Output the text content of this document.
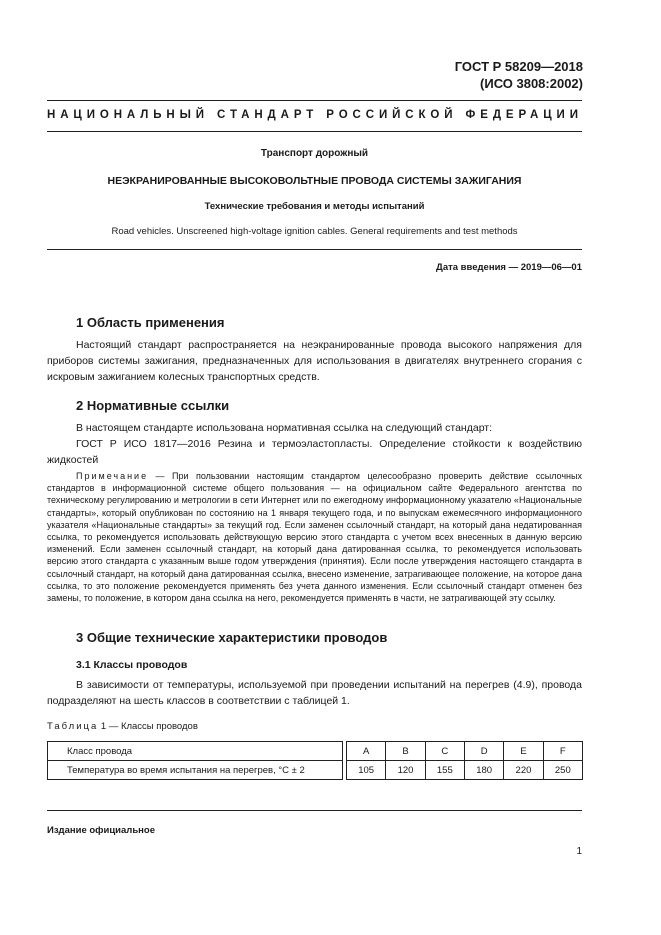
ГОСТ Р 58209—2018
(ИСО 3808:2002)
НАЦИОНАЛЬНЫЙ СТАНДАРТ РОССИЙСКОЙ ФЕДЕРАЦИИ
Транспорт дорожный
НЕЭКРАНИРОВАННЫЕ ВЫСОКОВОЛЬТНЫЕ ПРОВОДА СИСТЕМЫ ЗАЖИГАНИЯ
Технические требования и методы испытаний
Road vehicles. Unscreened high-voltage ignition cables. General requirements and test methods
Дата введения — 2019—06—01
1 Область применения
Настоящий стандарт распространяется на неэкранированные провода высокого напряжения для приборов системы зажигания, предназначенных для использования в двигателях внутреннего сгорания с искровым зажиганием колесных транспортных средств.
2 Нормативные ссылки
В настоящем стандарте использована нормативная ссылка на следующий стандарт:
ГОСТ Р ИСО 1817—2016 Резина и термоэластопласты. Определение стойкости к воздействию жидкостей
Примечание — При пользовании настоящим стандартом целесообразно проверить действие ссылочных стандартов в информационной системе общего пользования — на официальном сайте Федерального агентства по техническому регулированию и метрологии в сети Интернет или по ежегодному информационному указателю «Национальные стандарты», который опубликован по состоянию на 1 января текущего года, и по выпускам ежемесячного информационного указателя «Национальные стандарты» за текущий год. Если заменен ссылочный стандарт, на который дана недатированная ссылка, то рекомендуется использовать действующую версию этого стандарта с учетом всех внесенных в данную версию изменений. Если заменен ссылочный стандарт, на который дана датированная ссылка, то рекомендуется использовать версию этого стандарта с указанным выше годом утверждения (принятия). Если после утверждения настоящего стандарта в ссылочный стандарт, на который дана датированная ссылка, внесено изменение, затрагивающее положение, на которое дана ссылка, то это положение рекомендуется применять без учета данного изменения. Если ссылочный стандарт отменен без замены, то положение, в котором дана ссылка на него, рекомендуется применять в части, не затрагивающей эту ссылку.
3 Общие технические характеристики проводов
3.1 Классы проводов
В зависимости от температуры, используемой при проведении испытаний на перегрев (4.9), провода подразделяют на шесть классов в соответствии с таблицей 1.
Таблица 1 — Классы проводов
Класс провода		A	B	C	D	E	F
Температура во время испытания на перегрев, °С ± 2		105	120	155	180	220	250
Издание официальное
1
